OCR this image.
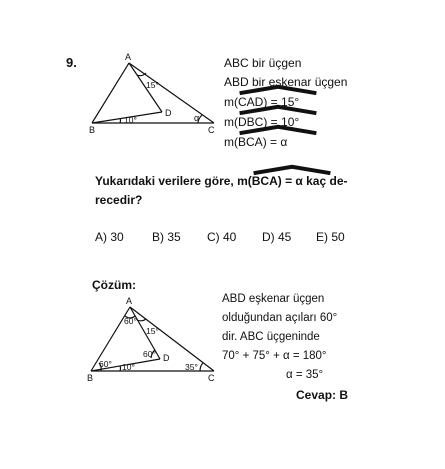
9.	A
B	C
D
15°
10°	α
ABC bir üçgen
ABD bir eşkenar üçgen
m(
CAD) = 15°
m(
DBC) = 10°
m(
BCA) = α
Yukarıdaki verilere göre, m(
BCA) = α kaç de-
recedir?
A) 30 B) 35 C) 40 D) 45 E) 50
Çözüm:
A
B	C
D
60°
15°
60°
60°
10°	35°
ABD eşkenar üçgen
olduğundan açıları 60°
dir. ABC üçgeninde
70° + 75° + α = 180°
α = 35°
Cevap: B
